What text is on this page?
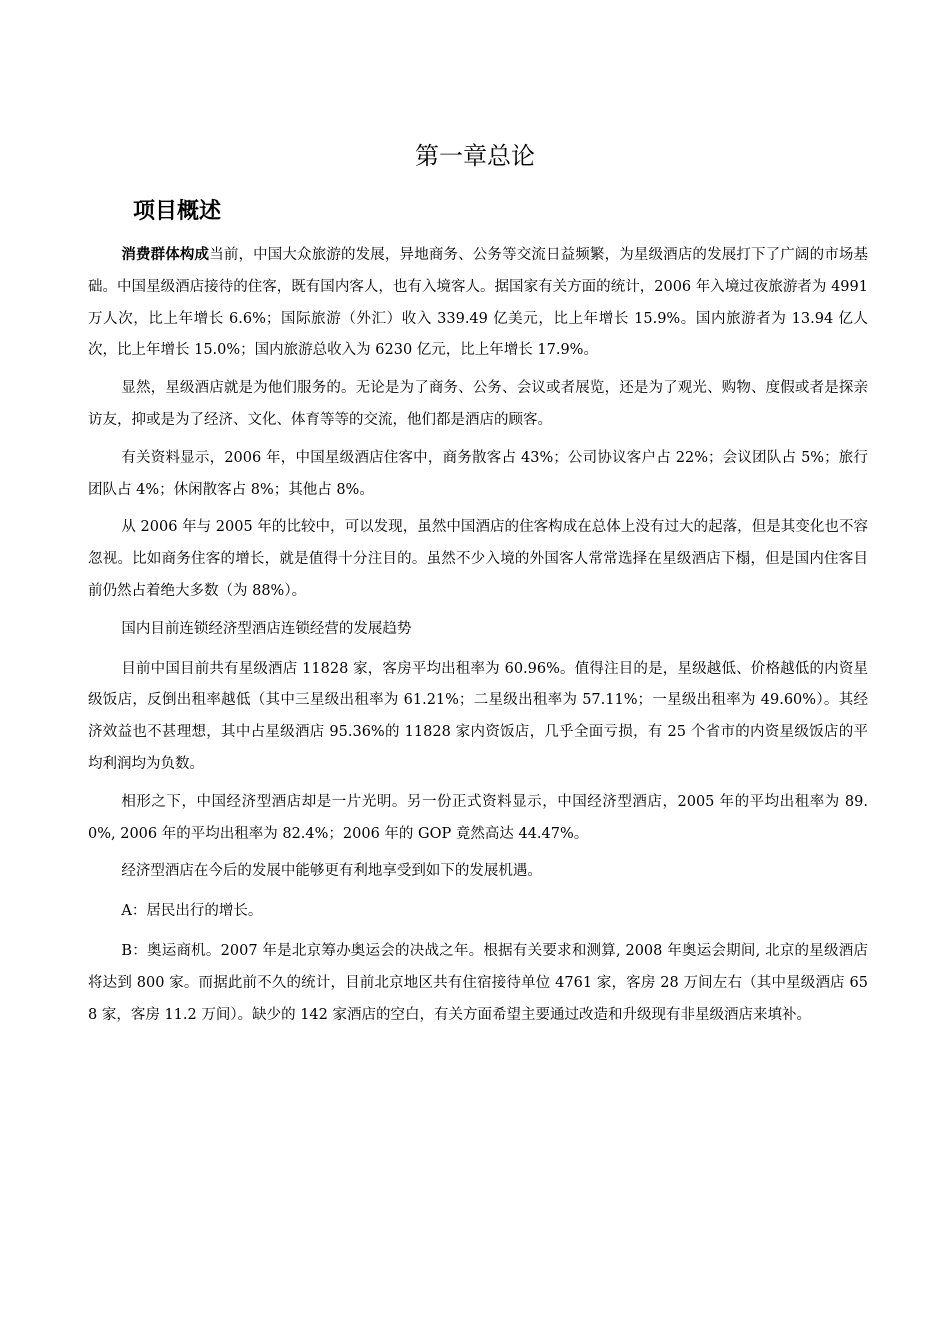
第一章总论
项目概述

消费群体构成当前，中国大众旅游的发展，异地商务、公务等交流日益频繁，为星级酒店的发展打下了广阔的市场基础。中国星级酒店接待的住客，既有国内客人，也有入境客人。据国家有关方面的统计，2006 年入境过夜旅游者为 4991 万人次，比上年增长 6.6%；国际旅游（外汇）收入 339.49 亿美元，比上年增长 15.9%。国内旅游者为 13.94 亿人次，比上年增长 15.0%；国内旅游总收入为 6230 亿元，比上年增长 17.9%。

显然，星级酒店就是为他们服务的。无论是为了商务、公务、会议或者展览，还是为了观光、购物、度假或者是探亲访友，抑或是为了经济、文化、体育等等的交流，他们都是酒店的顾客。

有关资料显示，2006 年，中国星级酒店住客中，商务散客占 43%；公司协议客户占 22%；会议团队占 5%；旅行团队占 4%；休闲散客占 8%；其他占 8%。

从 2006 年与 2005 年的比较中，可以发现，虽然中国酒店的住客构成在总体上没有过大的起落，但是其变化也不容忽视。比如商务住客的增长，就是值得十分注目的。虽然不少入境的外国客人常常选择在星级酒店下榻，但是国内住客目前仍然占着绝大多数（为 88%）。

国内目前连锁经济型酒店连锁经营的发展趋势

目前中国目前共有星级酒店 11828 家，客房平均出租率为 60.96%。值得注目的是，星级越低、价格越低的内资星级饭店，反倒出租率越低（其中三星级出租率为 61.21%；二星级出租率为 57.11%；一星级出租率为 49.60%）。其经济效益也不甚理想，其中占星级酒店 95.36%的 11828 家内资饭店，几乎全面亏损，有 25 个省市的内资星级饭店的平均利润均为负数。

相形之下，中国经济型酒店却是一片光明。另一份正式资料显示，中国经济型酒店，2005 年的平均出租率为 89.0%, 2006 年的平均出租率为 82.4%；2006 年的 GOP 竟然高达 44.47%。

经济型酒店在今后的发展中能够更有利地享受到如下的发展机遇。

A：居民出行的增长。

B：奥运商机。2007 年是北京筹办奥运会的决战之年。根据有关要求和测算, 2008 年奥运会期间, 北京的星级酒店将达到 800 家。而据此前不久的统计，目前北京地区共有住宿接待单位 4761 家，客房 28 万间左右（其中星级酒店 658 家，客房 11.2 万间）。缺少的 142 家酒店的空白，有关方面希望主要通过改造和升级现有非星级酒店来填补。
